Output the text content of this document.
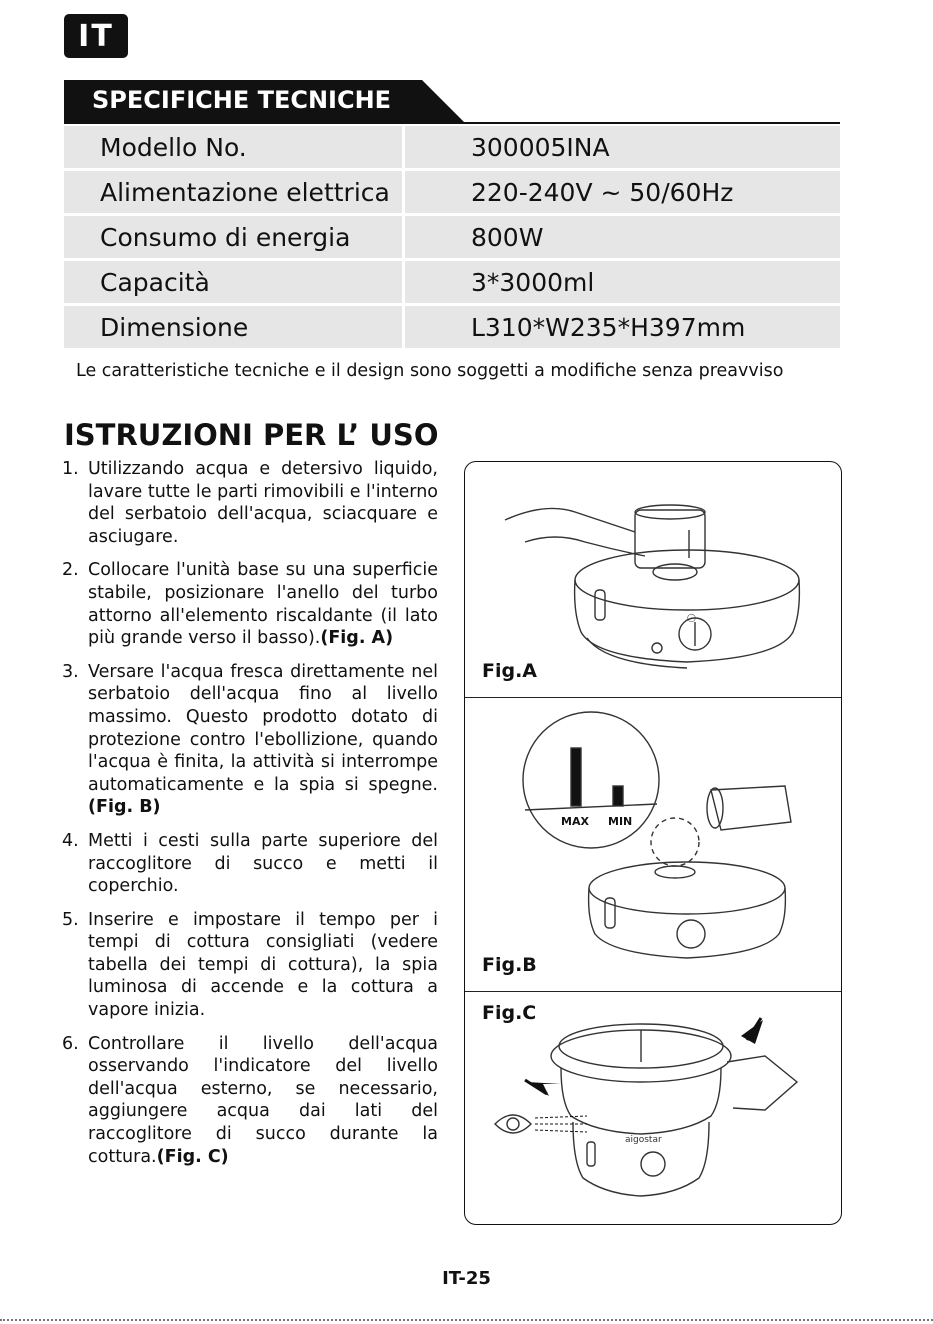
IT
SPECIFICHE TECNICHE
Modello No.	300005INA
Alimentazione elettrica	220-240V ~ 50/60Hz
Consumo di energia	800W
Capacità	3*3000ml
Dimensione	L310*W235*H397mm
Le caratteristiche tecniche e il design sono soggetti a modifiche senza preavviso
ISTRUZIONI PER L’ USO
1. Utilizzando acqua e detersivo liquido, lavare tutte le parti rimovibili e l'interno del serbatoio dell'acqua, sciacquare e asciugare.
2. Collocare l'unità base su una superficie stabile, posizionare l'anello del turbo attorno all'elemento riscaldante (il lato più grande verso il basso).(Fig. A)
3. Versare l'acqua fresca direttamente nel serbatoio dell'acqua fino al livello massimo. Questo prodotto dotato di protezione contro l'ebollizione, quando l'acqua è finita, la attività si interrompe automaticamente e la spia si spegne.(Fig. B)
4. Metti i cesti sulla parte superiore del raccoglitore di succo e metti il coperchio.
5. Inserire e impostare il tempo per i tempi di cottura consigliati (vedere tabella dei tempi di cottura), la spia luminosa di accende e la cottura a vapore inizia.
6. Controllare il livello dell'acqua osservando l'indicatore del livello dell'acqua esterno, se necessario, aggiungere acqua dai lati del raccoglitore di succo durante la cottura.(Fig. C)
◯
Fig.A
MAX MIN
Fig.B
Fig.C
aigostar
IT-25
